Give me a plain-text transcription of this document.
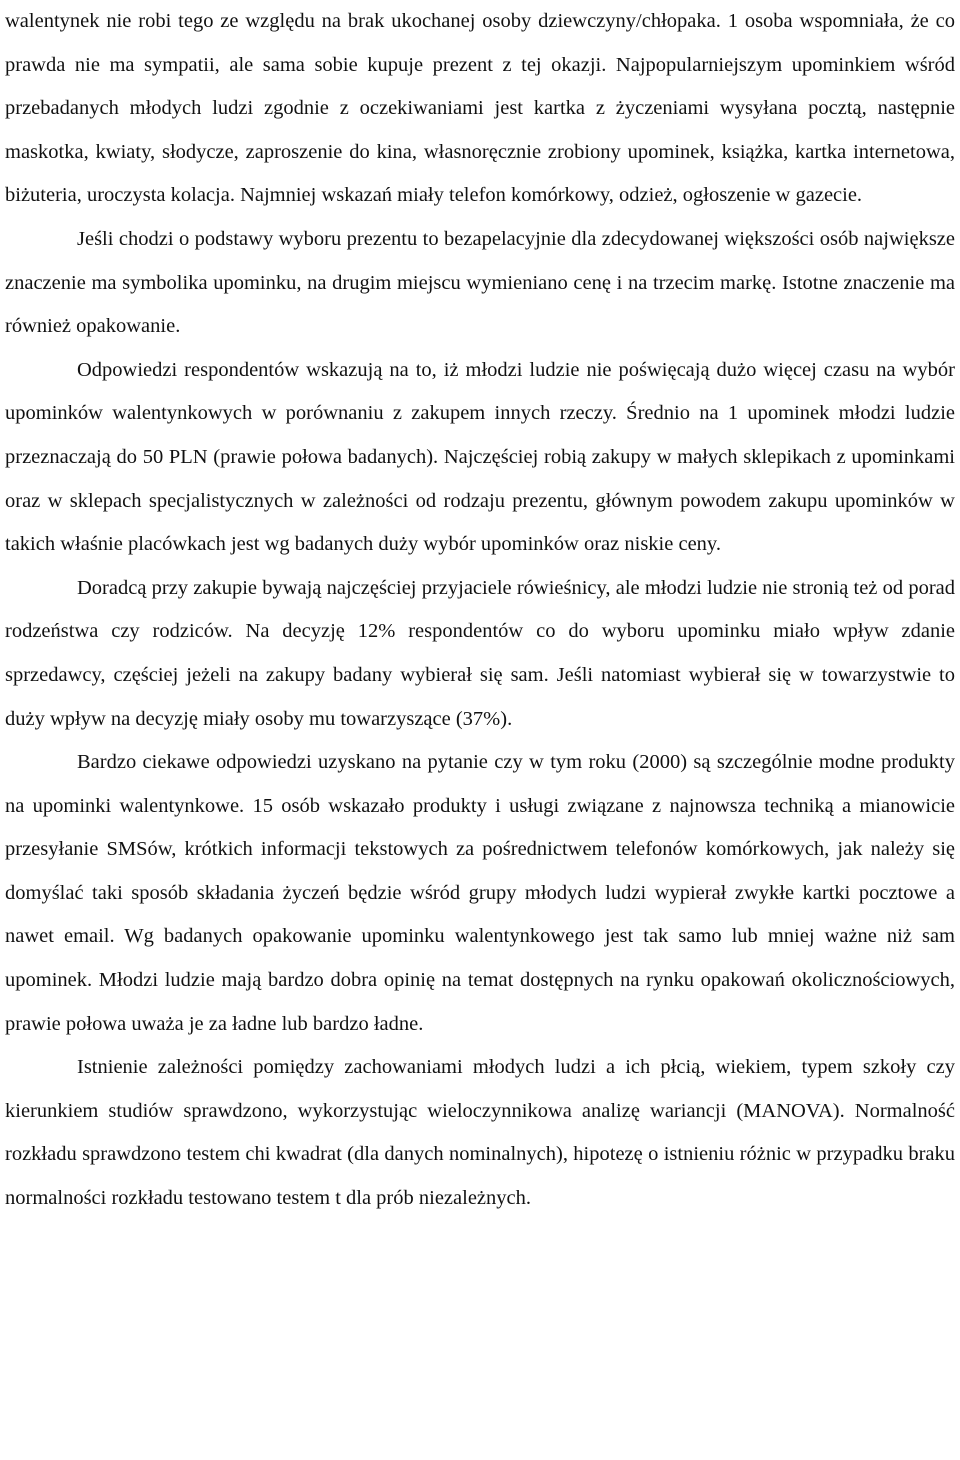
walentynek nie robi tego ze względu na brak ukochanej osoby dziewczyny/chłopaka. 1 osoba wspomniała, że co prawda nie ma sympatii, ale sama sobie kupuje prezent z tej okazji. Najpopularniejszym upominkiem wśród przebadanych młodych ludzi zgodnie z oczekiwaniami jest kartka z życzeniami wysyłana pocztą, następnie maskotka, kwiaty, słodycze, zaproszenie do kina, własnoręcznie zrobiony upominek, książka, kartka internetowa, biżuteria, uroczysta kolacja. Najmniej wskazań miały telefon komórkowy, odzież, ogłoszenie w gazecie.

Jeśli chodzi o podstawy wyboru prezentu to bezapelacyjnie dla zdecydowanej większości osób największe znaczenie ma symbolika upominku, na drugim miejscu wymieniano cenę i na trzecim markę. Istotne znaczenie ma również opakowanie.

Odpowiedzi respondentów wskazują na to, iż młodzi ludzie nie poświęcają dużo więcej czasu na wybór upominków walentynkowych w porównaniu z zakupem innych rzeczy. Średnio na 1 upominek młodzi ludzie przeznaczają do 50 PLN (prawie połowa badanych). Najczęściej robią zakupy w małych sklepikach z upominkami oraz w sklepach specjalistycznych w zależności od rodzaju prezentu, głównym powodem zakupu upominków w takich właśnie placówkach jest wg badanych duży wybór upominków oraz niskie ceny.

Doradcą przy zakupie bywają najczęściej przyjaciele rówieśnicy, ale młodzi ludzie nie stronią też od porad rodzeństwa czy rodziców. Na decyzję 12% respondentów co do wyboru upominku miało wpływ zdanie sprzedawcy, częściej jeżeli na zakupy badany wybierał się sam. Jeśli natomiast wybierał się w towarzystwie to duży wpływ na decyzję miały osoby mu towarzyszące (37%).

Bardzo ciekawe odpowiedzi uzyskano na pytanie czy w tym roku (2000) są szczególnie modne produkty na upominki walentynkowe. 15 osób wskazało produkty i usługi związane z najnowsza techniką a mianowicie przesyłanie SMSów, krótkich informacji tekstowych za pośrednictwem telefonów komórkowych, jak należy się domyślać taki sposób składania życzeń będzie wśród grupy młodych ludzi wypierał zwykłe kartki pocztowe a nawet email. Wg badanych opakowanie upominku walentynkowego jest tak samo lub mniej ważne niż sam upominek. Młodzi ludzie mają bardzo dobra opinię na temat dostępnych na rynku opakowań okolicznościowych, prawie połowa uważa je za ładne lub bardzo ładne.

Istnienie zależności pomiędzy zachowaniami młodych ludzi a ich płcią, wiekiem, typem szkoły czy kierunkiem studiów sprawdzono, wykorzystując wieloczynnikowa analizę wariancji (MANOVA). Normalność rozkładu sprawdzono testem chi kwadrat (dla danych nominalnych), hipotezę o istnieniu różnic w przypadku braku normalności rozkładu testowano testem t dla prób niezależnych.
